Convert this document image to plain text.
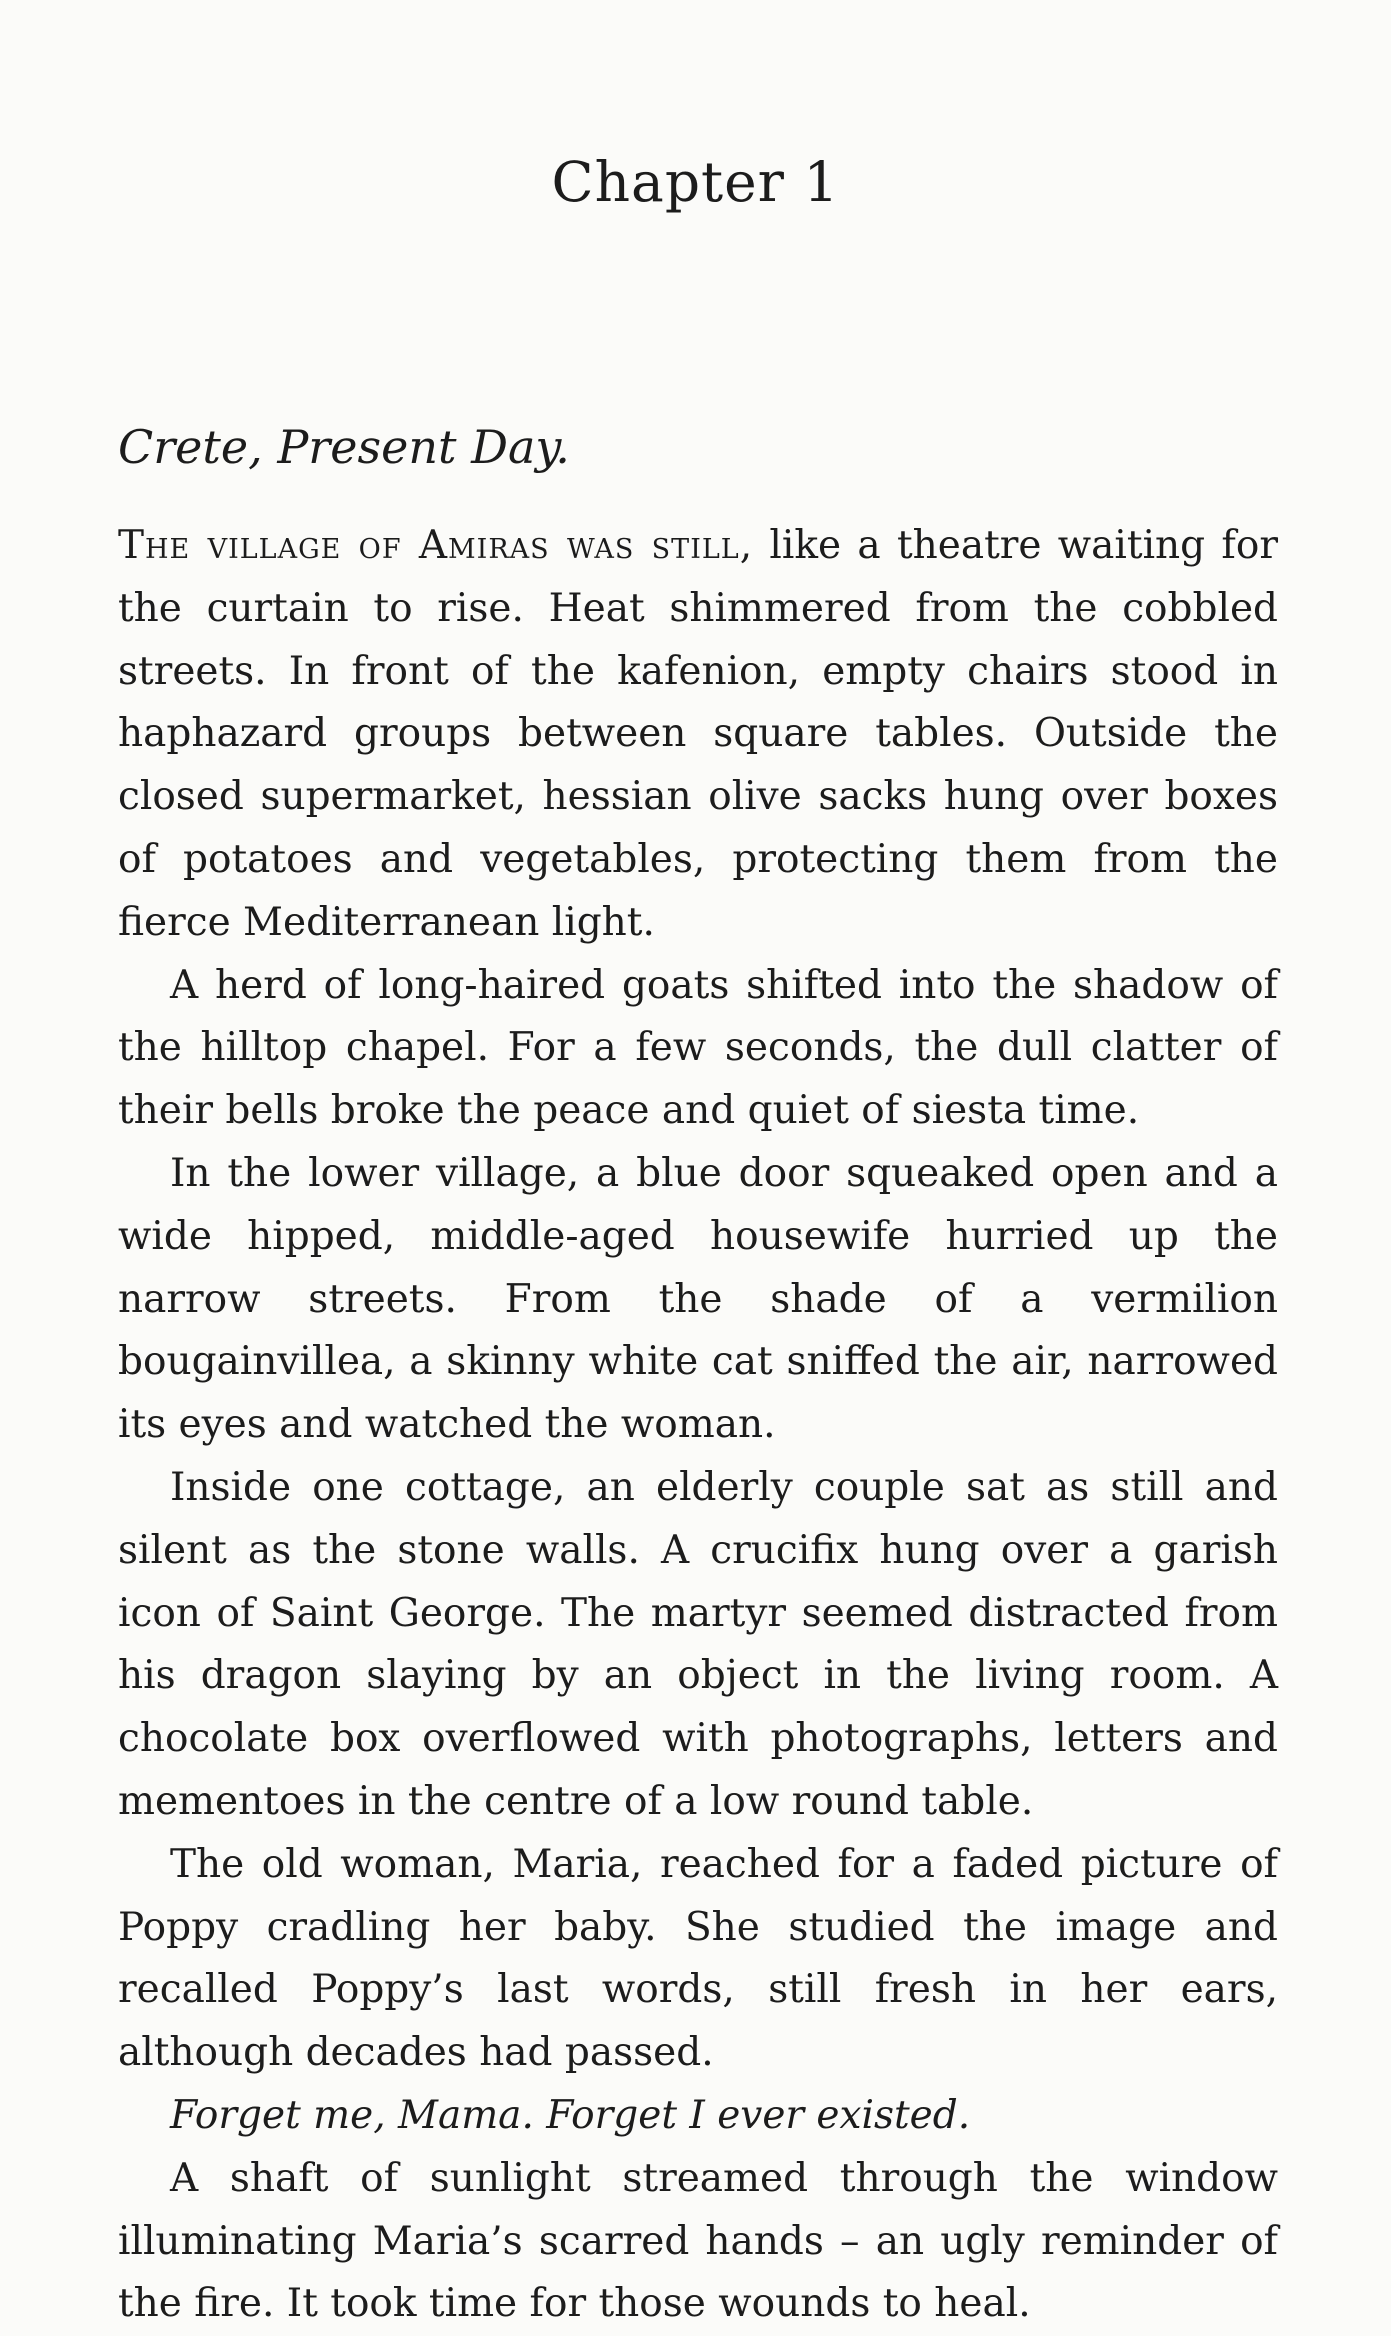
Chapter 1

Crete, Present Day.

The village of Amiras was still, like a theatre waiting for the curtain to rise. Heat shimmered from the cobbled streets. In front of the kafenion, empty chairs stood in haphazard groups between square tables. Outside the closed supermarket, hessian olive sacks hung over boxes of potatoes and vegetables, protecting them from the fierce Mediterranean light.

A herd of long-haired goats shifted into the shadow of the hilltop chapel. For a few seconds, the dull clatter of their bells broke the peace and quiet of siesta time.

In the lower village, a blue door squeaked open and a wide hipped, middle-aged housewife hurried up the narrow streets. From the shade of a vermilion bougainvillea, a skinny white cat sniffed the air, narrowed its eyes and watched the woman.

Inside one cottage, an elderly couple sat as still and silent as the stone walls. A crucifix hung over a garish icon of Saint George. The martyr seemed distracted from his dragon slaying by an object in the living room. A chocolate box overflowed with photographs, letters and mementoes in the centre of a low round table.

The old woman, Maria, reached for a faded picture of Poppy cradling her baby. She studied the image and recalled Poppy’s last words, still fresh in her ears, although decades had passed.

Forget me, Mama. Forget I ever existed.

A shaft of sunlight streamed through the window illuminating Maria’s scarred hands – an ugly reminder of the fire. It took time for those wounds to heal.
